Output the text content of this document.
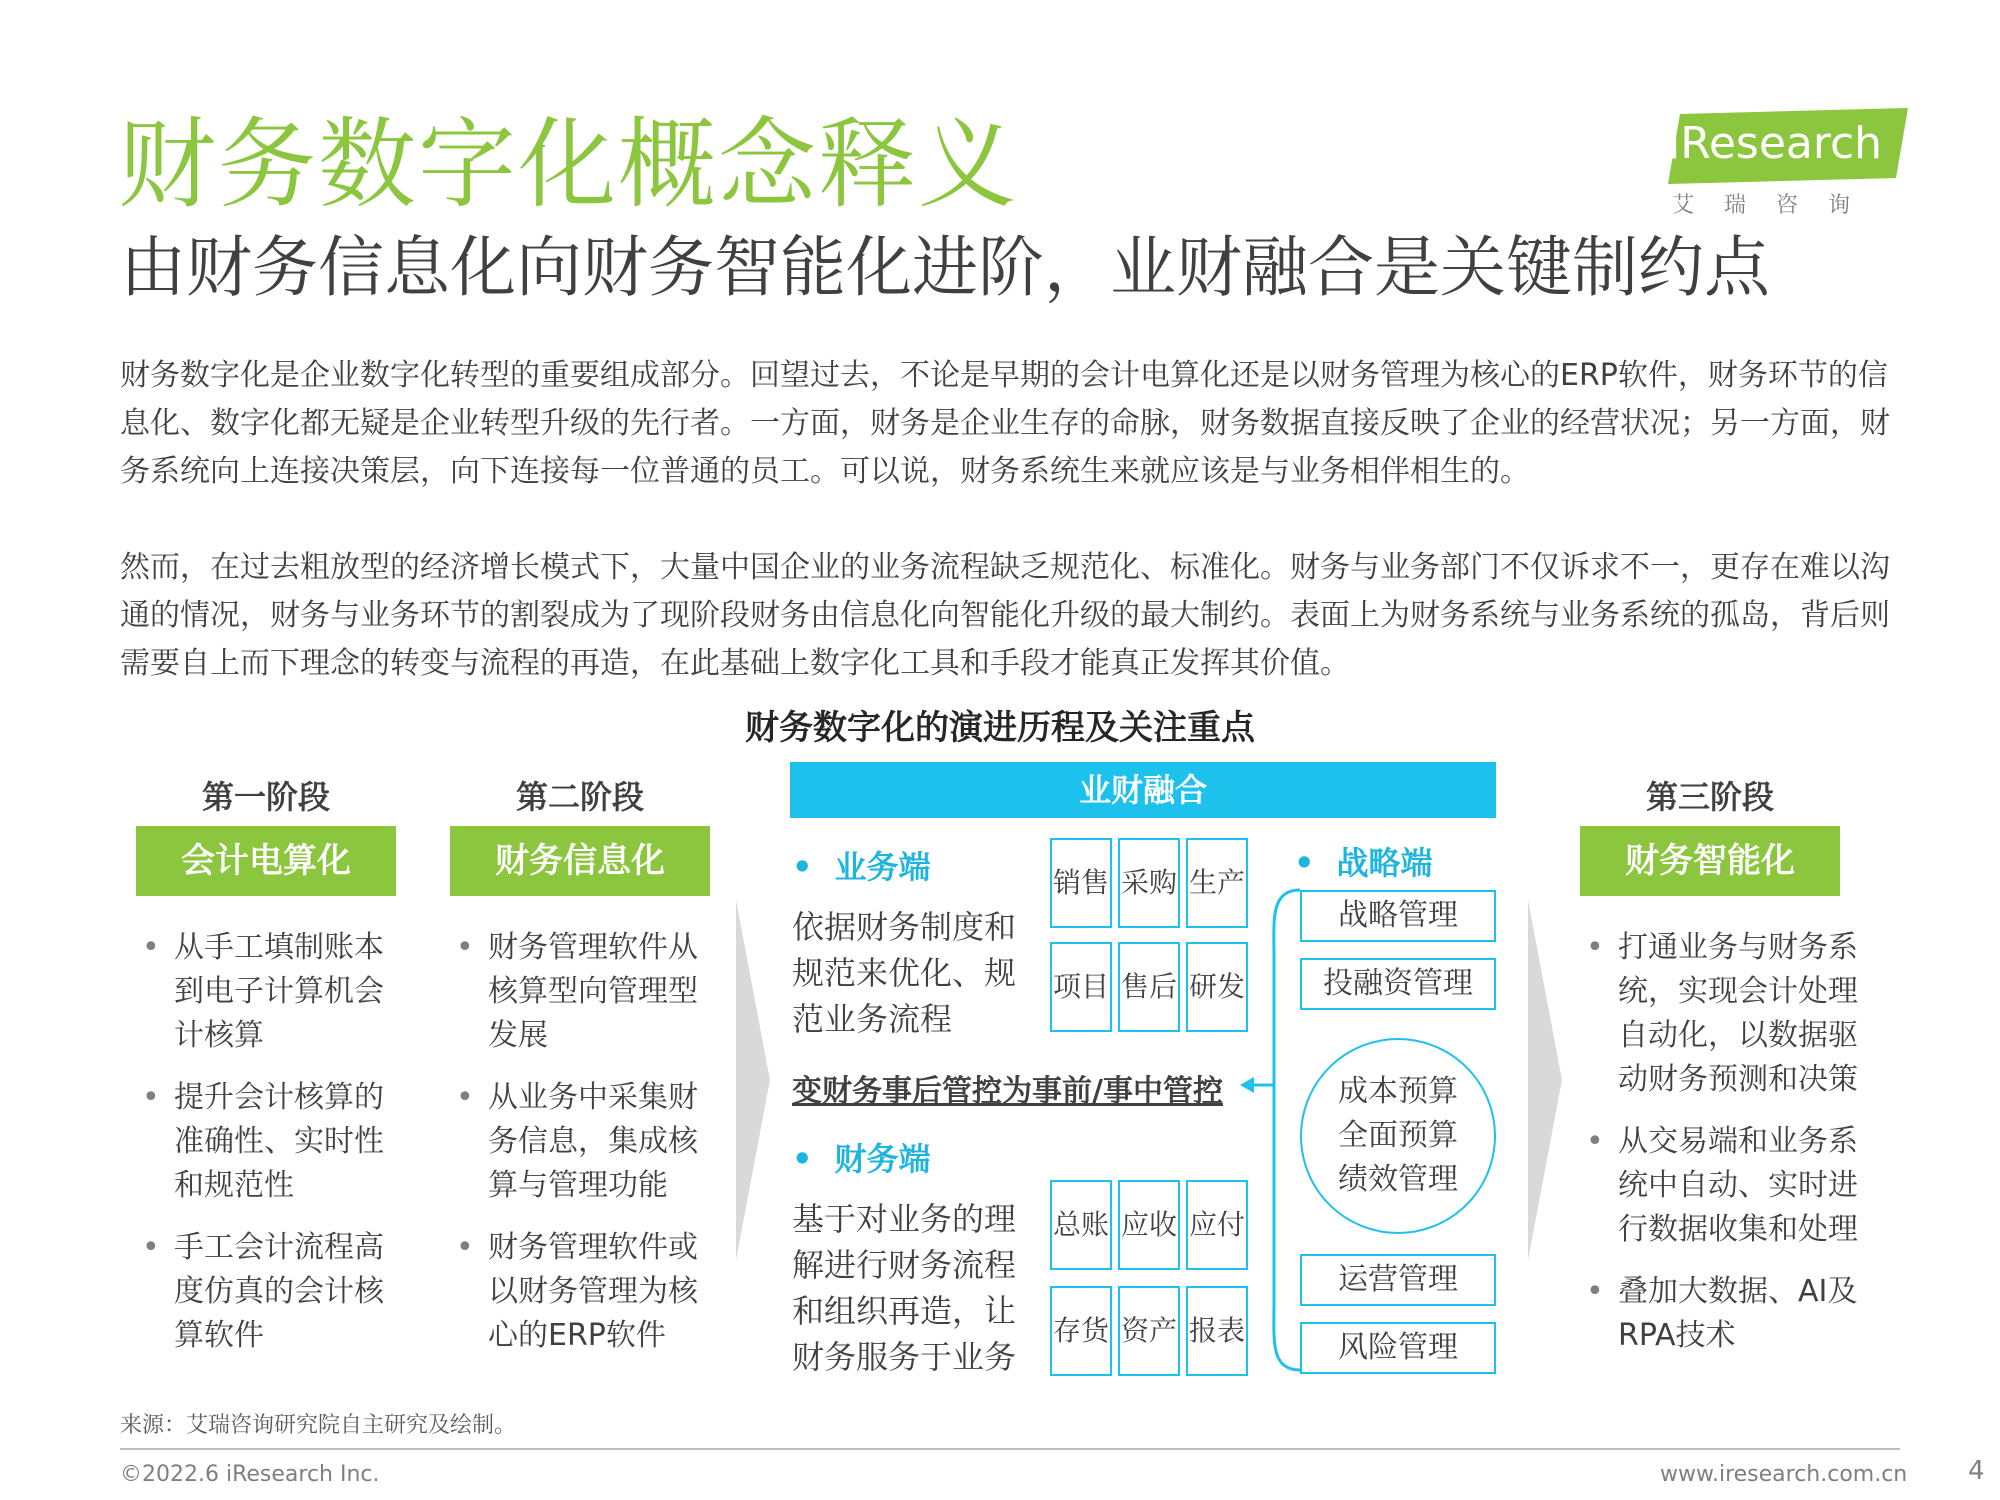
财务数字化概念释义
由财务信息化向财务智能化进阶，业财融合是关键制约点
iResearch
艾瑞咨询
财务数字化是企业数字化转型的重要组成部分。回望过去，不论是早期的会计电算化还是以财务管理为核心的ERP软件，财务环节的信息化、数字化都无疑是企业转型升级的先行者。一方面，财务是企业生存的命脉，财务数据直接反映了企业的经营状况；另一方面，财务系统向上连接决策层，向下连接每一位普通的员工。可以说，财务系统生来就应该是与业务相伴相生的。
然而，在过去粗放型的经济增长模式下，大量中国企业的业务流程缺乏规范化、标准化。财务与业务部门不仅诉求不一，更存在难以沟通的情况，财务与业务环节的割裂成为了现阶段财务由信息化向智能化升级的最大制约。表面上为财务系统与业务系统的孤岛，背后则需要自上而下理念的转变与流程的再造，在此基础上数字化工具和手段才能真正发挥其价值。
财务数字化的演进历程及关注重点
第一阶段
会计电算化
• 从手工填制账本到电子计算机会计核算
• 提升会计核算的准确性、实时性和规范性
• 手工会计流程高度仿真的会计核算软件
第二阶段
财务信息化
• 财务管理软件从核算型向管理型发展
• 从业务中采集财务信息，集成核算与管理功能
• 财务管理软件或以财务管理为核心的ERP软件
业财融合
• 业务端
依据财务制度和规范来优化、规范业务流程
销售 采购 生产
项目 售后 研发
变财务事后管控为事前/事中管控
• 财务端
基于对业务的理解进行财务流程和组织再造，让财务服务于业务
总账 应收 应付
存货 资产 报表
• 战略端
战略管理
投融资管理
成本预算
全面预算
绩效管理
运营管理
风险管理
第三阶段
财务智能化
• 打通业务与财务系统，实现会计处理自动化，以数据驱动财务预测和决策
• 从交易端和业务系统中自动、实时进行数据收集和处理
• 叠加大数据、AI及RPA技术
来源：艾瑞咨询研究院自主研究及绘制。
©2022.6 iResearch Inc.	www.iresearch.com.cn 4
